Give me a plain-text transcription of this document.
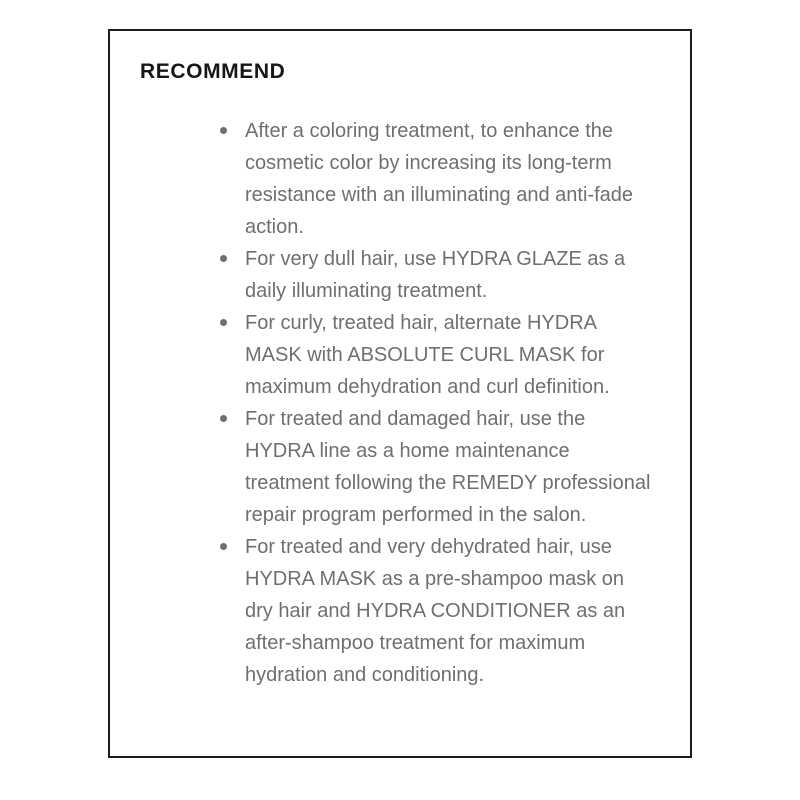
RECOMMEND
After a coloring treatment, to enhance the cosmetic color by increasing its long-term resistance with an illuminating and anti-fade action.
For very dull hair, use HYDRA GLAZE as a daily illuminating treatment.
For curly, treated hair, alternate HYDRA MASK with ABSOLUTE CURL MASK for maximum dehydration and curl definition.
For treated and damaged hair, use the HYDRA line as a home maintenance treatment following the REMEDY professional repair program performed in the salon.
For treated and very dehydrated hair, use HYDRA MASK as a pre-shampoo mask on dry hair and HYDRA CONDITIONER as an after-shampoo treatment for maximum hydration and conditioning.
